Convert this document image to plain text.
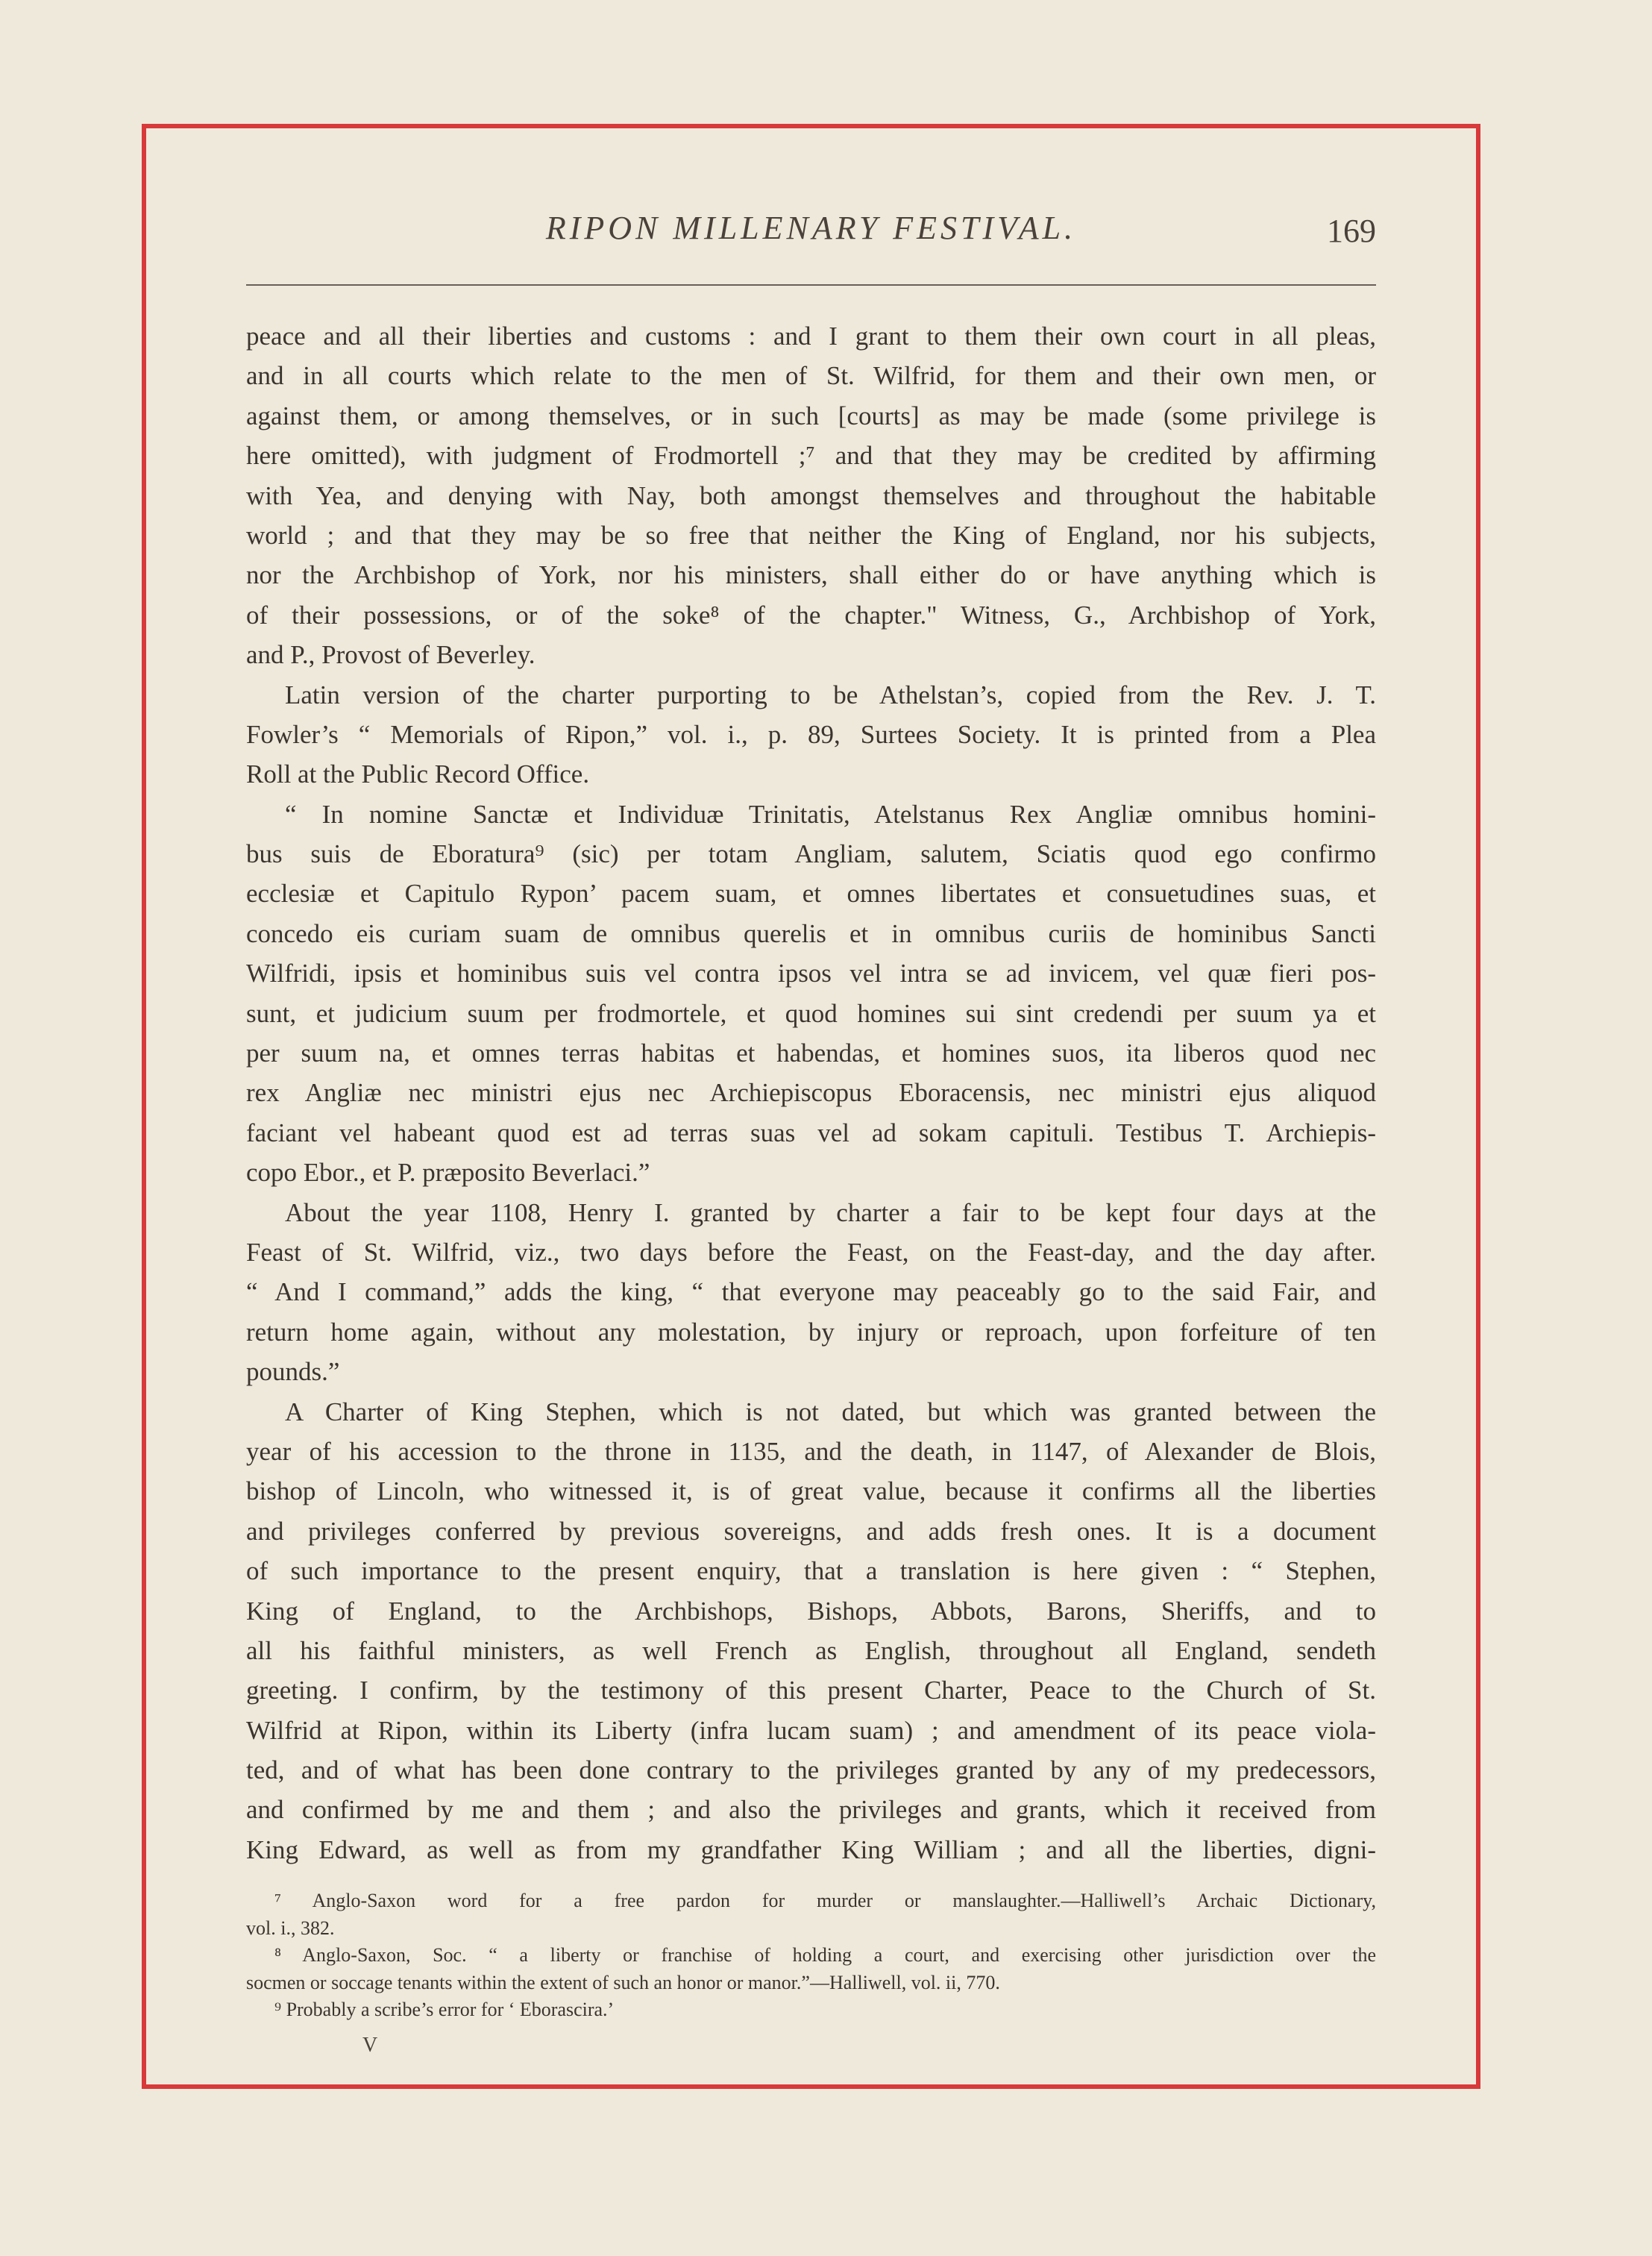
RIPON MILLENARY FESTIVAL.	169
peace and all their liberties and customs : and I grant to them their own court in all pleas,
and in all courts which relate to the men of St. Wilfrid, for them and their own men, or
against them, or among themselves, or in such [courts] as may be made (some privilege is
here omitted), with judgment of Frodmortell ;⁷ and that they may be credited by affirming
with Yea, and denying with Nay, both amongst themselves and throughout the habitable
world ; and that they may be so free that neither the King of England, nor his subjects,
nor the Archbishop of York, nor his ministers, shall either do or have anything which is
of their possessions, or of the soke⁸ of the chapter." Witness, G., Archbishop of York,
and P., Provost of Beverley.
Latin version of the charter purporting to be Athelstan’s, copied from the Rev. J. T.
Fowler’s “ Memorials of Ripon,” vol. i., p. 89, Surtees Society. It is printed from a Plea
Roll at the Public Record Office.
“ In nomine Sanctæ et Individuæ Trinitatis, Atelstanus Rex Angliæ omnibus homini-
bus suis de Eboratura⁹ (sic) per totam Angliam, salutem, Sciatis quod ego confirmo
ecclesiæ et Capitulo Rypon’ pacem suam, et omnes libertates et consuetudines suas, et
concedo eis curiam suam de omnibus querelis et in omnibus curiis de hominibus Sancti
Wilfridi, ipsis et hominibus suis vel contra ipsos vel intra se ad invicem, vel quæ fieri pos-
sunt, et judicium suum per frodmortele, et quod homines sui sint credendi per suum ya et
per suum na, et omnes terras habitas et habendas, et homines suos, ita liberos quod nec
rex Angliæ nec ministri ejus nec Archiepiscopus Eboracensis, nec ministri ejus aliquod
faciant vel habeant quod est ad terras suas vel ad sokam capituli. Testibus T. Archiepis-
copo Ebor., et P. præposito Beverlaci.”
About the year 1108, Henry I. granted by charter a fair to be kept four days at the
Feast of St. Wilfrid, viz., two days before the Feast, on the Feast-day, and the day after.
“ And I command,” adds the king, “ that everyone may peaceably go to the said Fair, and
return home again, without any molestation, by injury or reproach, upon forfeiture of ten
pounds.”
A Charter of King Stephen, which is not dated, but which was granted between the
year of his accession to the throne in 1135, and the death, in 1147, of Alexander de Blois,
bishop of Lincoln, who witnessed it, is of great value, because it confirms all the liberties
and privileges conferred by previous sovereigns, and adds fresh ones. It is a document
of such importance to the present enquiry, that a translation is here given : “ Stephen,
King of England, to the Archbishops, Bishops, Abbots, Barons, Sheriffs, and to
all his faithful ministers, as well French as English, throughout all England, sendeth
greeting. I confirm, by the testimony of this present Charter, Peace to the Church of St.
Wilfrid at Ripon, within its Liberty (infra lucam suam) ; and amendment of its peace viola-
ted, and of what has been done contrary to the privileges granted by any of my predecessors,
and confirmed by me and them ; and also the privileges and grants, which it received from
King Edward, as well as from my grandfather King William ; and all the liberties, digni-
⁷ Anglo-Saxon word for a free pardon for murder or manslaughter.—Halliwell’s Archaic Dictionary,
vol. i., 382.
⁸ Anglo-Saxon, Soc. “ a liberty or franchise of holding a court, and exercising other jurisdiction over the
socmen or soccage tenants within the extent of such an honor or manor.”—Halliwell, vol. ii, 770.
⁹ Probably a scribe’s error for ‘ Eborascira.’
V
